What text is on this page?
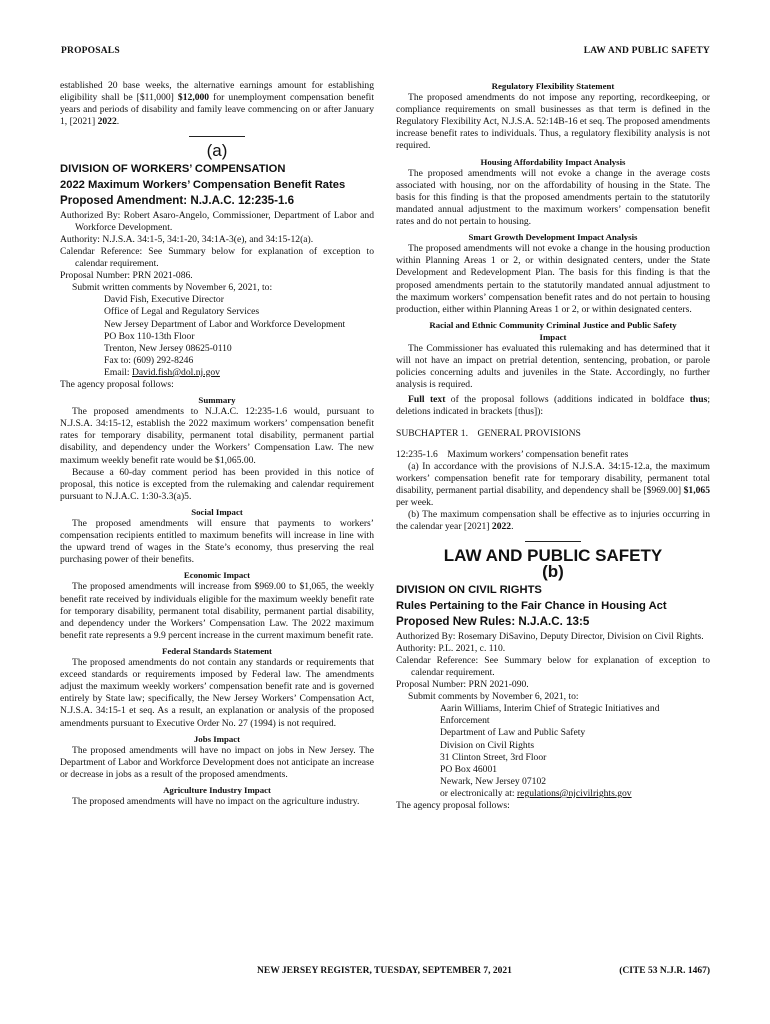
PROPOSALS	LAW AND PUBLIC SAFETY

established 20 base weeks, the alternative earnings amount for establishing eligibility shall be [$11,000] $12,000 for unemployment compensation benefit years and periods of disability and family leave commencing on or after January 1, [2021] 2022.

(a)
DIVISION OF WORKERS’ COMPENSATION
2022 Maximum Workers’ Compensation Benefit Rates
Proposed Amendment: N.J.A.C. 12:235-1.6

Authorized By: Robert Asaro-Angelo, Commissioner, Department of Labor and Workforce Development.

Authority: N.J.S.A. 34:1-5, 34:1-20, 34:1A-3(e), and 34:15-12(a).

Calendar Reference: See Summary below for explanation of exception to calendar requirement.

Proposal Number: PRN 2021-086.

Submit written comments by November 6, 2021, to:

David Fish, Executive Director
Office of Legal and Regulatory Services
New Jersey Department of Labor and Workforce Development
PO Box 110-13th Floor
Trenton, New Jersey 08625-0110
Fax to: (609) 292-8246
Email: David.fish@dol.nj.gov

The agency proposal follows:

Summary

The proposed amendments to N.J.A.C. 12:235-1.6 would, pursuant to N.J.S.A. 34:15-12, establish the 2022 maximum workers’ compensation benefit rates for temporary disability, permanent total disability, permanent partial disability, and dependency under the Workers’ Compensation Law. The new maximum weekly benefit rate would be $1,065.00.

Because a 60-day comment period has been provided in this notice of proposal, this notice is excepted from the rulemaking and calendar requirement pursuant to N.J.A.C. 1:30-3.3(a)5.

Social Impact

The proposed amendments will ensure that payments to workers’ compensation recipients entitled to maximum benefits will increase in line with the upward trend of wages in the State’s economy, thus preserving the real purchasing power of their benefits.

Economic Impact

The proposed amendments will increase from $969.00 to $1,065, the weekly benefit rate received by individuals eligible for the maximum weekly benefit rate for temporary disability, permanent total disability, permanent partial disability, and dependency under the Workers’ Compensation Law. The 2022 maximum benefit rate represents a 9.9 percent increase in the current maximum benefit rate.

Federal Standards Statement

The proposed amendments do not contain any standards or requirements that exceed standards or requirements imposed by Federal law. The amendments adjust the maximum weekly workers’ compensation benefit rate and is governed entirely by State law; specifically, the New Jersey Workers’ Compensation Act, N.J.S.A. 34:15-1 et seq. As a result, an explanation or analysis of the proposed amendments pursuant to Executive Order No. 27 (1994) is not required.

Jobs Impact

The proposed amendments will have no impact on jobs in New Jersey. The Department of Labor and Workforce Development does not anticipate an increase or decrease in jobs as a result of the proposed amendments.

Agriculture Industry Impact

The proposed amendments will have no impact on the agriculture industry.

Regulatory Flexibility Statement

The proposed amendments do not impose any reporting, recordkeeping, or compliance requirements on small businesses as that term is defined in the Regulatory Flexibility Act, N.J.S.A. 52:14B-16 et seq. The proposed amendments increase benefit rates to individuals. Thus, a regulatory flexibility analysis is not required.

Housing Affordability Impact Analysis

The proposed amendments will not evoke a change in the average costs associated with housing, nor on the affordability of housing in the State. The basis for this finding is that the proposed amendments pertain to the statutorily mandated annual adjustment to the maximum workers’ compensation benefit rates and do not pertain to housing.

Smart Growth Development Impact Analysis

The proposed amendments will not evoke a change in the housing production within Planning Areas 1 or 2, or within designated centers, under the State Development and Redevelopment Plan. The basis for this finding is that the proposed amendments pertain to the statutorily mandated annual adjustment to the maximum workers’ compensation benefit rates and do not pertain to housing production, either within Planning Areas 1 or 2, or within designated centers.

Racial and Ethnic Community Criminal Justice and Public Safety Impact

The Commissioner has evaluated this rulemaking and has determined that it will not have an impact on pretrial detention, sentencing, probation, or parole policies concerning adults and juveniles in the State. Accordingly, no further analysis is required.

Full text of the proposal follows (additions indicated in boldface thus; deletions indicated in brackets [thus]):

SUBCHAPTER 1.    GENERAL PROVISIONS

12:235-1.6    Maximum workers’ compensation benefit rates

(a) In accordance with the provisions of N.J.S.A. 34:15-12.a, the maximum workers’ compensation benefit rate for temporary disability, permanent total disability, permanent partial disability, and dependency shall be [$969.00] $1,065 per week.

(b) The maximum compensation shall be effective as to injuries occurring in the calendar year [2021] 2022.

LAW AND PUBLIC SAFETY
(b)
DIVISION ON CIVIL RIGHTS
Rules Pertaining to the Fair Chance in Housing Act
Proposed New Rules: N.J.A.C. 13:5

Authorized By: Rosemary DiSavino, Deputy Director, Division on Civil Rights.

Authority: P.L. 2021, c. 110.

Calendar Reference: See Summary below for explanation of exception to calendar requirement.

Proposal Number: PRN 2021-090.

Submit comments by November 6, 2021, to:

Aarin Williams, Interim Chief of Strategic Initiatives and Enforcement
Department of Law and Public Safety
Division on Civil Rights
31 Clinton Street, 3rd Floor
PO Box 46001
Newark, New Jersey 07102
or electronically at: regulations@njcivilrights.gov

The agency proposal follows:

NEW JERSEY REGISTER, TUESDAY, SEPTEMBER 7, 2021	(CITE 53 N.J.R. 1467)
